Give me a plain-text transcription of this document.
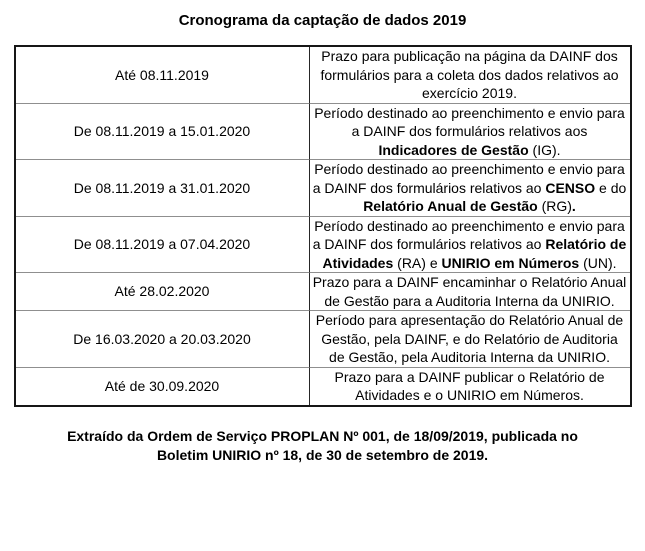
Cronograma da captação de dados 2019
Até 08.11.2019	Prazo para publicação na página da DAINF dos formulários para a coleta dos dados relativos ao exercício 2019.
De 08.11.2019 a 15.01.2020	Período destinado ao preenchimento e envio para a DAINF dos formulários relativos aos Indicadores de Gestão (IG).
De 08.11.2019 a 31.01.2020	Período destinado ao preenchimento e envio para a DAINF dos formulários relativos ao CENSO e do Relatório Anual de Gestão (RG).
De 08.11.2019 a 07.04.2020	Período destinado ao preenchimento e envio para a DAINF dos formulários relativos ao Relatório de Atividades (RA) e UNIRIO em Números (UN).
Até 28.02.2020	Prazo para a DAINF encaminhar o Relatório Anual de Gestão para a Auditoria Interna da UNIRIO.
De 16.03.2020 a 20.03.2020	Período para apresentação do Relatório Anual de Gestão, pela DAINF, e do Relatório de Auditoria de Gestão, pela Auditoria Interna da UNIRIO.
Até de 30.09.2020	Prazo para a DAINF publicar o Relatório de Atividades e o UNIRIO em Números.

Extraído da Ordem de Serviço PROPLAN Nº 001, de 18/09/2019, publicada no Boletim UNIRIO nº 18, de 30 de setembro de 2019.
